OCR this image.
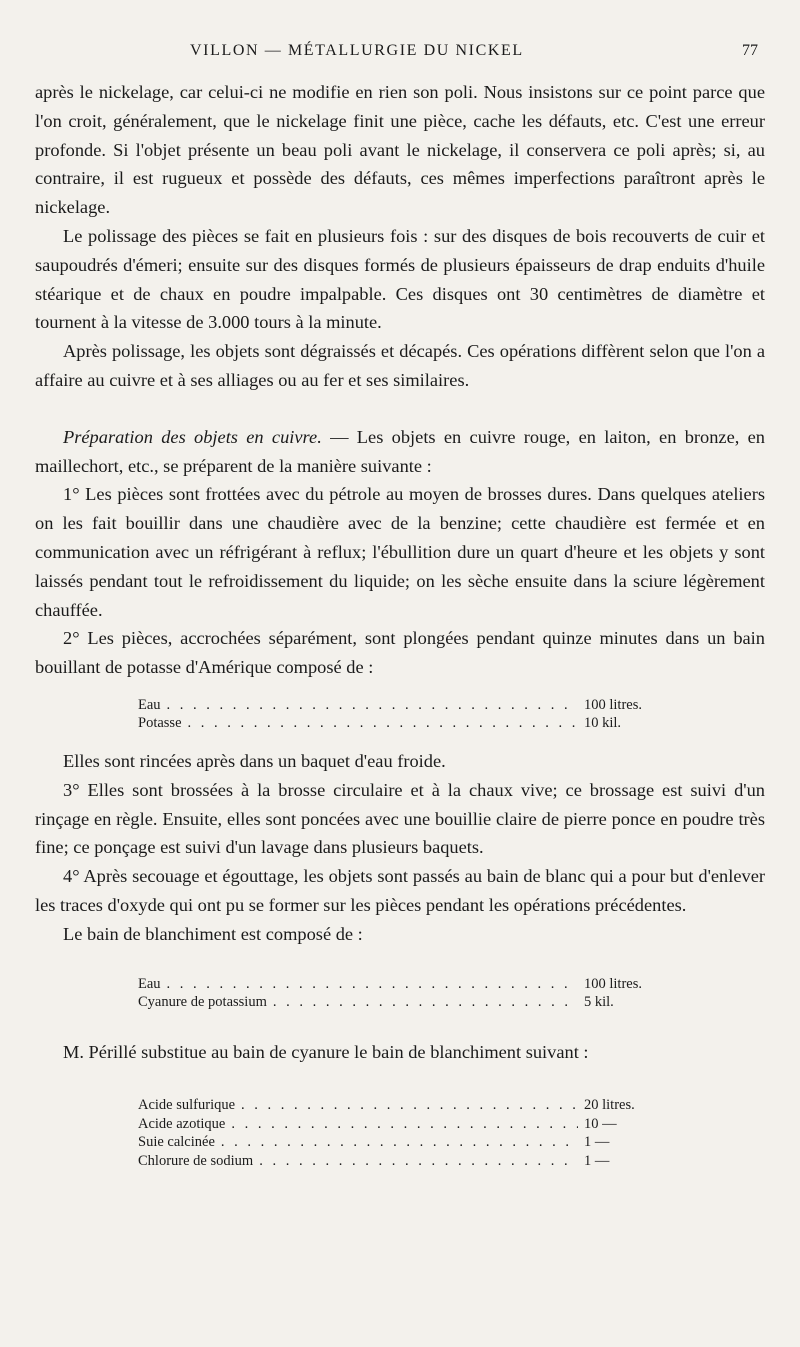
VILLON — MÉTALLURGIE DU NICKEL	77

après le nickelage, car celui-ci ne modifie en rien son poli. Nous insistons sur ce point parce que l'on croit, généralement, que le nickelage finit une pièce, cache les défauts, etc. C'est une erreur profonde. Si l'objet présente un beau poli avant le nickelage, il conservera ce poli après; si, au contraire, il est rugueux et possède des défauts, ces mêmes imperfections paraîtront après le nickelage.

Le polissage des pièces se fait en plusieurs fois : sur des disques de bois recouverts de cuir et saupoudrés d'émeri; ensuite sur des disques formés de plusieurs épaisseurs de drap enduits d'huile stéarique et de chaux en poudre impalpable. Ces disques ont 30 centimètres de diamètre et tournent à la vitesse de 3.000 tours à la minute.

Après polissage, les objets sont dégraissés et décapés. Ces opérations diffèrent selon que l'on a affaire au cuivre et à ses alliages ou au fer et ses similaires.

Préparation des objets en cuivre. — Les objets en cuivre rouge, en laiton, en bronze, en maillechort, etc., se préparent de la manière suivante :

1° Les pièces sont frottées avec du pétrole au moyen de brosses dures. Dans quelques ateliers on les fait bouillir dans une chaudière avec de la benzine; cette chaudière est fermée et en communication avec un réfrigérant à reflux; l'ébullition dure un quart d'heure et les objets y sont laissés pendant tout le refroidissement du liquide; on les sèche ensuite dans la sciure légèrement chauffée.

2° Les pièces, accrochées séparément, sont plongées pendant quinze minutes dans un bain bouillant de potasse d'Amérique composé de :

Eau . . .	100 litres.
Potasse . . .	10 kil.

Elles sont rincées après dans un baquet d'eau froide.

3° Elles sont brossées à la brosse circulaire et à la chaux vive; ce brossage est suivi d'un rinçage en règle. Ensuite, elles sont poncées avec une bouillie claire de pierre ponce en poudre très fine; ce ponçage est suivi d'un lavage dans plusieurs baquets.

4° Après secouage et égouttage, les objets sont passés au bain de blanc qui a pour but d'enlever les traces d'oxyde qui ont pu se former sur les pièces pendant les opérations précédentes.

Le bain de blanchiment est composé de :

Eau . . .	100 litres.
Cyanure de potassium . . .	5 kil.

M. Périllé substitue au bain de cyanure le bain de blanchiment suivant :

Acide sulfurique . . .	20 litres.
Acide azotique . . .	10 —
Suie calcinée . . .	1 —
Chlorure de sodium . . .	1 —
